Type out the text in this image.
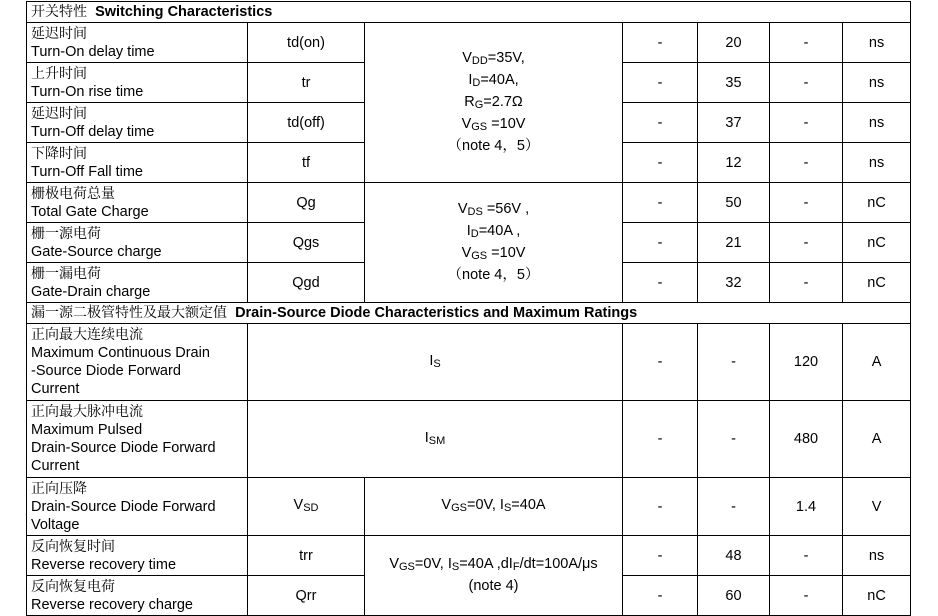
开关特性 Switching Characteristics						

延迟时间
Turn-On delay time	td(on)	$V_{DD}=35V$,
$I_D=40A$,
$R_G=2.7\Omega$
$V_{GS} =10V$
（note 4，5）	-	20	-	ns

上升时间
Turn-On rise time	tr		-	35	-	ns

延迟时间
Turn-Off delay time	td(off)		-	37	-	ns

下降时间
Turn-Off Fall time	tf		-	12	-	ns

栅极电荷总量
Total Gate Charge	Qg	$V_{DS} =56V$ ,
$I_D=40A$ ,
$V_{GS} =10V$
（note 4，5）	-	50	-	nC

栅一源电荷
Gate-Source charge	Qgs		-	21	-	nC

栅一漏电荷
Gate-Drain charge	Qgd		-	32	-	nC
漏一源二极管特性及最大额定值 Drain-Source Diode Characteristics and Maximum Ratings						

正向最大连续电流
Maximum Continuous Drain
-Source Diode Forward
Current	$I_S$		-	-	120	A

正向最大脉冲电流
Maximum Pulsed
Drain-Source Diode Forward
Current	$I_{SM}$		-	-	480	A

正向压降
Drain-Source Diode Forward
Voltage	$V_{SD}$	$V_{GS}=0V$, $I_S=40A$	-	-	1.4	V

反向恢复时间
Reverse recovery time	trr	$V_{GS}=0V$, $I_S=40A$ $,dI_F/dt=100A/\mu s$
(note 4)	-	48	-	ns

反向恢复电荷
Reverse recovery charge	Qrr		-	60	-	nC
